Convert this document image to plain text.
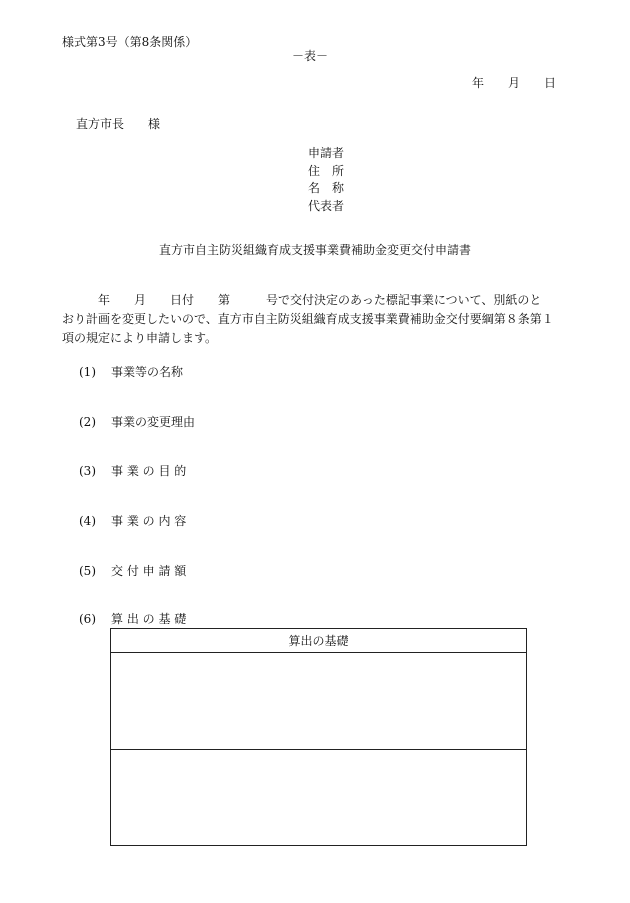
様式第3号（第8条関係）
－表－
年 月 日
直方市長 様
申請者
住　所
名　称
代表者
直方市自主防災組織育成支援事業費補助金変更交付申請書
　　　年　　月　　日付　　第　　　号で交付決定のあった標記事業について、別紙のと
おり計画を変更したいので、直方市自主防災組織育成支援事業費補助金交付要綱第８条第１
項の規定により申請します。
(1) 事業等の名称
(2) 事業の変更理由
(3) 事 業 の 目 的
(4) 事 業 の 内 容
(5) 交 付 申 請 額
(6) 算 出 の 基 礎
算出の基礎
